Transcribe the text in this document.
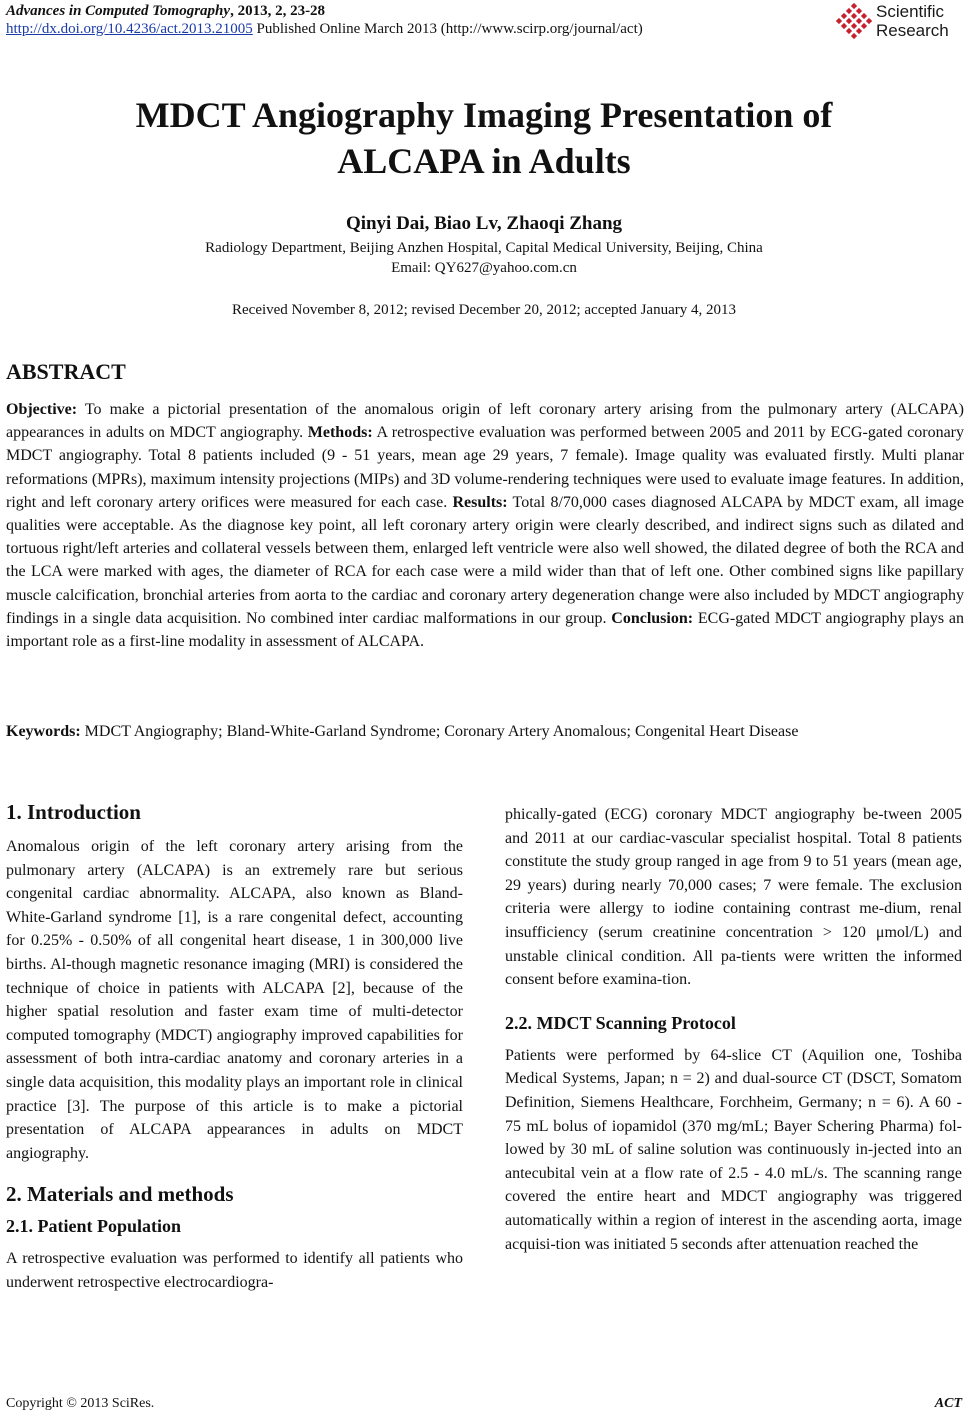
Advances in Computed Tomography, 2013, 2, 23-28
http://dx.doi.org/10.4236/act.2013.21005 Published Online March 2013 (http://www.scirp.org/journal/act)
Scientific
Research
MDCT Angiography Imaging Presentation of
ALCAPA in Adults
Qinyi Dai, Biao Lv, Zhaoqi Zhang
Radiology Department, Beijing Anzhen Hospital, Capital Medical University, Beijing, China
Email: QY627@yahoo.com.cn
Received November 8, 2012; revised December 20, 2012; accepted January 4, 2013
ABSTRACT
Objective: To make a pictorial presentation of the anomalous origin of left coronary artery arising from the pulmonary artery (ALCAPA) appearances in adults on MDCT angiography. Methods: A retrospective evaluation was performed between 2005 and 2011 by ECG-gated coronary MDCT angiography. Total 8 patients included (9 - 51 years, mean age 29 years, 7 female). Image quality was evaluated firstly. Multi planar reformations (MPRs), maximum intensity projections (MIPs) and 3D volume-rendering techniques were used to evaluate image features. In addition, right and left coronary artery orifices were measured for each case. Results: Total 8/70,000 cases diagnosed ALCAPA by MDCT exam, all image qualities were acceptable. As the diagnose key point, all left coronary artery origin were clearly described, and indirect signs such as dilated and tortuous right/left arteries and collateral vessels between them, enlarged left ventricle were also well showed, the dilated degree of both the RCA and the LCA were marked with ages, the diameter of RCA for each case were a mild wider than that of left one. Other combined signs like papillary muscle calcification, bronchial arteries from aorta to the cardiac and coronary artery degeneration change were also included by MDCT angiography findings in a single data acquisition. No combined inter cardiac malformations in our group. Conclusion: ECG-gated MDCT angiography plays an important role as a first-line modality in assessment of ALCAPA.
Keywords: MDCT Angiography; Bland-White-Garland Syndrome; Coronary Artery Anomalous; Congenital Heart Disease

1. Introduction

Anomalous origin of the left coronary artery arising from the pulmonary artery (ALCAPA) is an extremely rare but serious congenital cardiac abnormality. ALCAPA, also known as Bland-White-Garland syndrome [1], is a rare congenital defect, accounting for 0.25% - 0.50% of all congenital heart disease, 1 in 300,000 live births. Al-though magnetic resonance imaging (MRI) is considered the technique of choice in patients with ALCAPA [2], because of the higher spatial resolution and faster exam time of multi-detector computed tomography (MDCT) angiography improved capabilities for assessment of both intra-cardiac anatomy and coronary arteries in a single data acquisition, this modality plays an important role in clinical practice [3]. The purpose of this article is to make a pictorial presentation of ALCAPA appearances in adults on MDCT angiography.

2. Materials and methods

2.1. Patient Population

A retrospective evaluation was performed to identify all patients who underwent retrospective electrocardiogra-

phically-gated (ECG) coronary MDCT angiography be-tween 2005 and 2011 at our cardiac-vascular specialist hospital. Total 8 patients constitute the study group ranged in age from 9 to 51 years (mean age, 29 years) during nearly 70,000 cases; 7 were female. The exclusion criteria were allergy to iodine containing contrast me-dium, renal insufficiency (serum creatinine concentration > 120 μmol/L) and unstable clinical condition. All pa-tients were written the informed consent before examina-tion.

2.2. MDCT Scanning Protocol

Patients were performed by 64-slice CT (Aquilion one, Toshiba Medical Systems, Japan; n = 2) and dual-source CT (DSCT, Somatom Definition, Siemens Healthcare, Forchheim, Germany; n = 6). A 60 - 75 mL bolus of iopamidol (370 mg/mL; Bayer Schering Pharma) fol-lowed by 30 mL of saline solution was continuously in-jected into an antecubital vein at a flow rate of 2.5 - 4.0 mL/s. The scanning range covered the entire heart and MDCT angiography was triggered automatically within a region of interest in the ascending aorta, image acquisi-tion was initiated 5 seconds after attenuation reached the

Copyright © 2013 SciRes.	ACT
